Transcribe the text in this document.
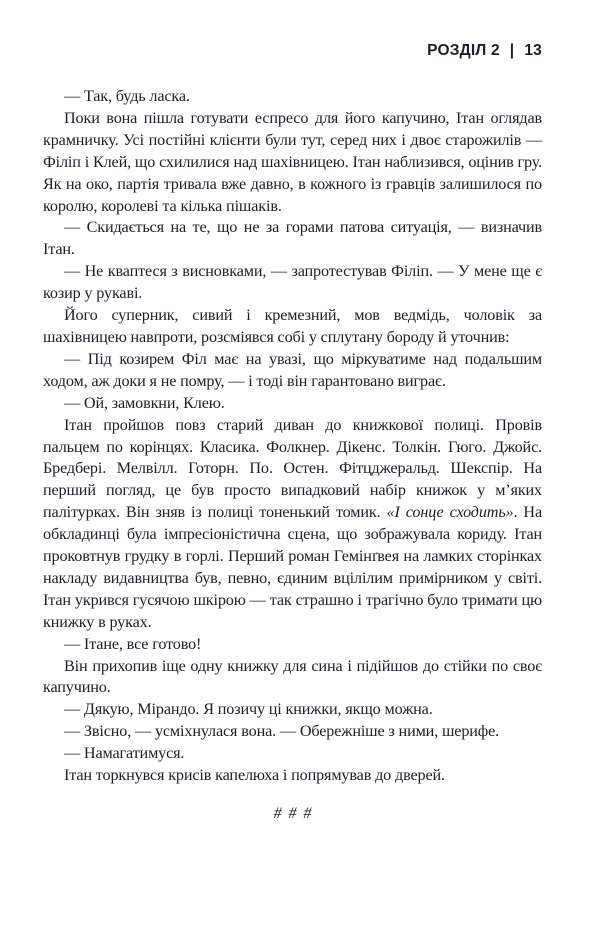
РОЗДІЛ 2 | 13

— Так, будь ласка.

Поки вона пішла готувати еспресо для його капучино, Ітан оглядав крамничку. Усі постійні клієнти були тут, серед них і двоє старожилів — Філіп і Клей, що схилилися над шахівницею. Ітан наблизився, оцінив гру. Як на око, партія тривала вже давно, в кожного із гравців залишилося по королю, королеві та кілька пішаків.

— Скидається на те, що не за горами патова ситуація, — визначив Ітан.

— Не кваптеся з висновками, — запротестував Філіп. — У мене ще є козир у рукаві.

Його суперник, сивий і кремезний, мов ведмідь, чоловік за шахівницею навпроти, розсміявся собі у сплутану бороду й уточнив:

— Під козирем Філ має на увазі, що міркуватиме над подальшим ходом, аж доки я не помру, — і тоді він гарантовано виграє.

— Ой, замовкни, Клею.

Ітан пройшов повз старий диван до книжкової полиці. Провів пальцем по корінцях. Класика. Фолкнер. Дікенс. Толкін. Гюго. Джойс. Бредбері. Мелвілл. Готорн. По. Остен. Фітцджеральд. Шекспір. На перший погляд, це був просто випадковий набір книжок у м’яких палітурках. Він зняв із полиці тоненький томик. «І сонце сходить». На обкладинці була імпресіоністична сцена, що зображувала кориду. Ітан проковтнув грудку в горлі. Перший роман Гемінґвея на ламких сторінках накладу видавництва був, певно, єдиним вцілілим примірником у світі. Ітан укрився гусячою шкірою — так страшно і трагічно було тримати цю книжку в руках.

— Ітане, все готово!

Він прихопив іще одну книжку для сина і підійшов до стійки по своє капучино.

— Дякую, Мірандо. Я позичу ці книжки, якщо можна.

— Звісно, — усміхнулася вона. — Обережніше з ними, шерифе.

— Намагатимуся.

Ітан торкнувся крисів капелюха і попрямував до дверей.

# # #
